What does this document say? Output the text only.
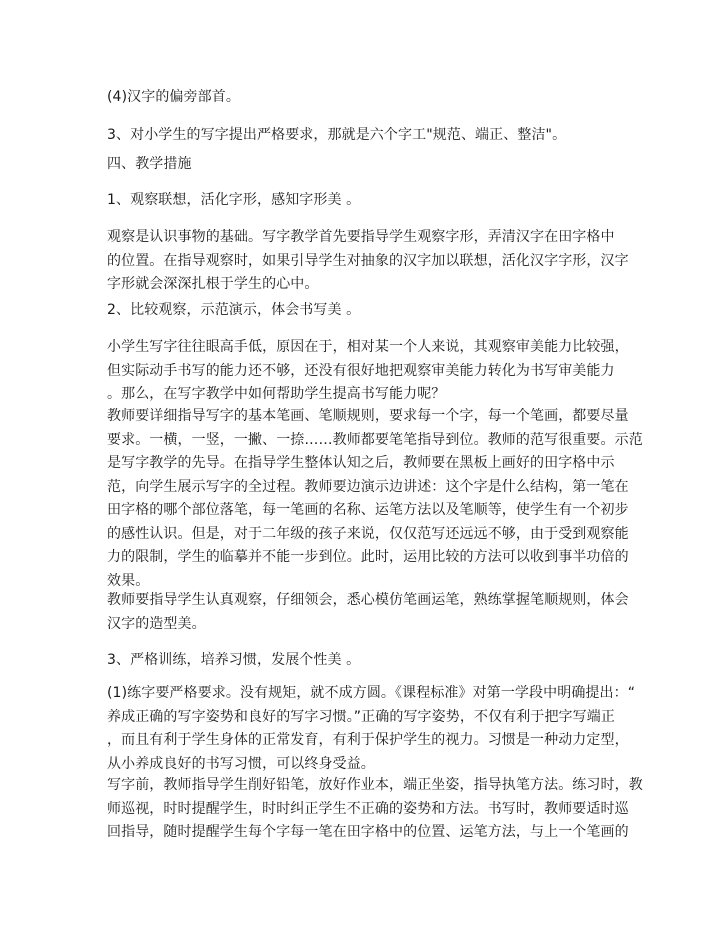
(4)汉字的偏旁部首。
3、对小学生的写字提出严格要求，那就是六个字工"规范、端正、整洁"。
四、教学措施
1、观察联想，活化字形，感知字形美 。
观察是认识事物的基础。写字教学首先要指导学生观察字形，弄清汉字在田字格中
的位置。在指导观察时，如果引导学生对抽象的汉字加以联想，活化汉字字形，汉字
字形就会深深扎根于学生的心中。
2、比较观察，示范演示，体会书写美 。
小学生写字往往眼高手低，原因在于，相对某一个人来说，其观察审美能力比较强，
但实际动手书写的能力还不够，还没有很好地把观察审美能力转化为书写审美能力
。那么，在写字教学中如何帮助学生提高书写能力呢？
教师要详细指导写字的基本笔画、笔顺规则，要求每一个字，每一个笔画，都要尽量
要求。一横，一竖，一撇、一捺……教师都要笔笔指导到位。教师的范写很重要。示范
是写字教学的先导。在指导学生整体认知之后，教师要在黑板上画好的田字格中示
范，向学生展示写字的全过程。教师要边演示边讲述：这个字是什么结构，第一笔在
田字格的哪个部位落笔，每一笔画的名称、运笔方法以及笔顺等，使学生有一个初步
的感性认识。但是，对于二年级的孩子来说，仅仅范写还远远不够，由于受到观察能
力的限制，学生的临摹并不能一步到位。此时，运用比较的方法可以收到事半功倍的
效果。
教师要指导学生认真观察，仔细领会，悉心模仿笔画运笔，熟练掌握笔顺规则，体会
汉字的造型美。
3、严格训练，培养习惯，发展个性美 。
(1)练字要严格要求。没有规矩，就不成方圆。《课程标准》对第一学段中明确提出：“
养成正确的写字姿势和良好的写字习惯。”正确的写字姿势，不仅有利于把字写端正
，而且有利于学生身体的正常发育，有利于保护学生的视力。习惯是一种动力定型，
从小养成良好的书写习惯，可以终身受益。
写字前，教师指导学生削好铅笔，放好作业本，端正坐姿，指导执笔方法。练习时，教
师巡视，时时提醒学生，时时纠正学生不正确的姿势和方法。书写时，教师要适时巡
回指导，随时提醒学生每个字每一笔在田字格中的位置、运笔方法，与上一个笔画的
